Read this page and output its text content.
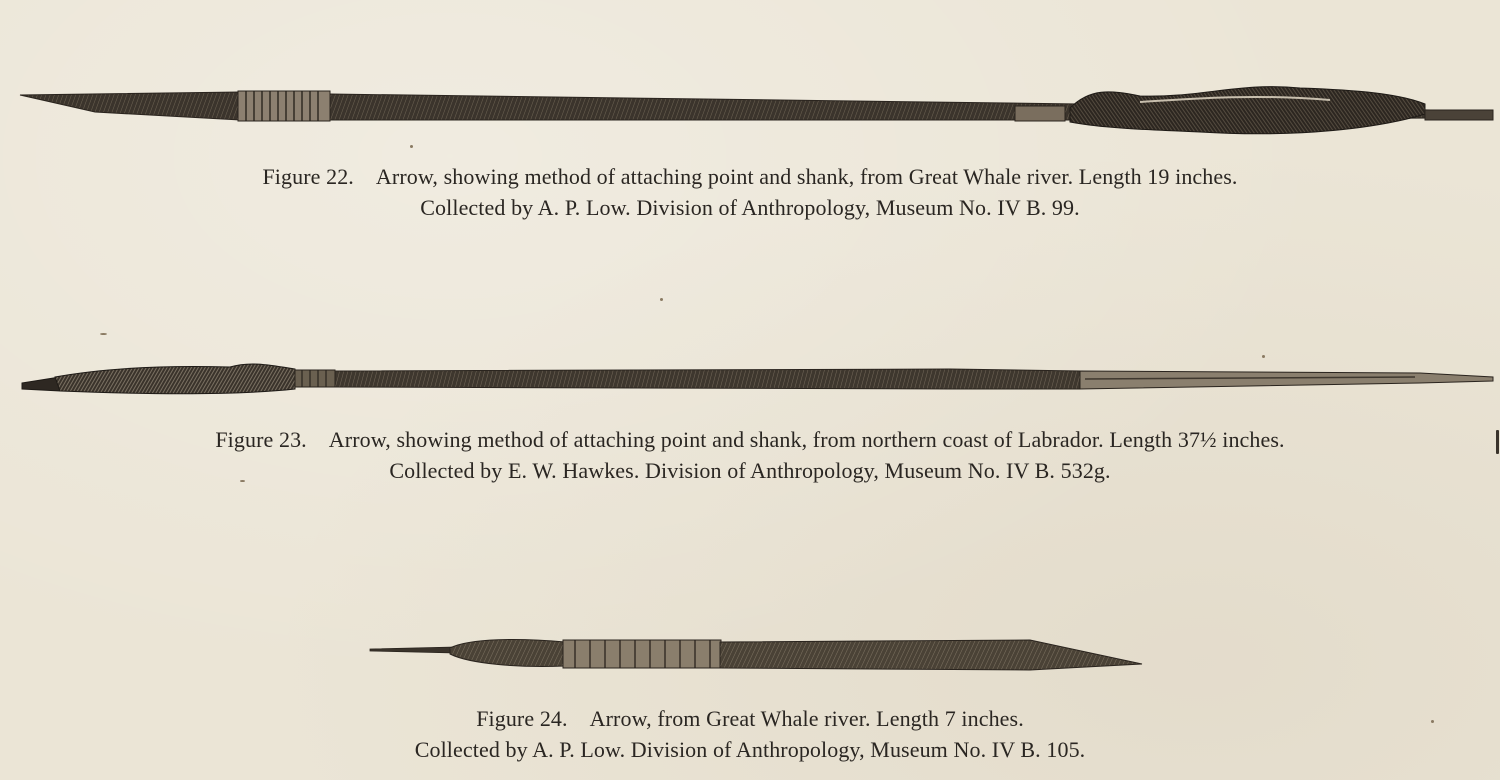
Figure 22. Arrow, showing method of attaching point and shank, from Great Whale river. Length 19 inches.
Collected by A. P. Low. Division of Anthropology, Museum No. IV B. 99.
Figure 23. Arrow, showing method of attaching point and shank, from northern coast of Labrador. Length 37½ inches.
Collected by E. W. Hawkes. Division of Anthropology, Museum No. IV B. 532g.
Figure 24. Arrow, from Great Whale river. Length 7 inches.
Collected by A. P. Low. Division of Anthropology, Museum No. IV B. 105.
